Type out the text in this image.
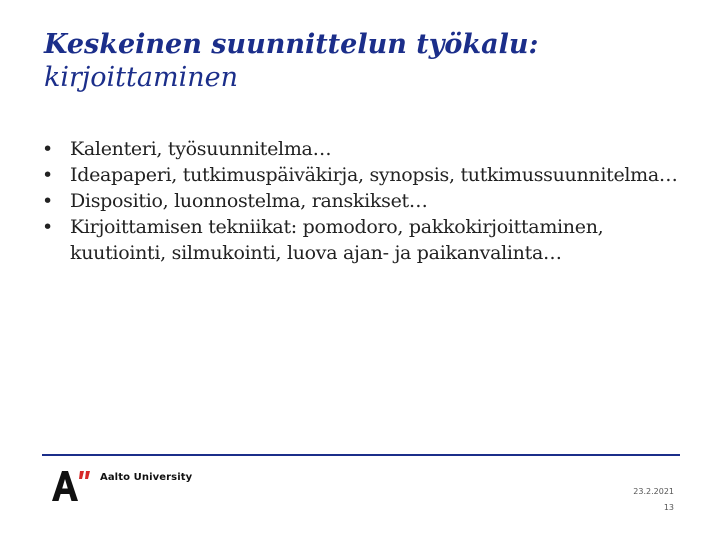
Keskeinen suunnittelun työkalu:
kirjoittaminen
• Kalenteri, työsuunnitelma…
• Ideapaperi, tutkimuspäiväkirja, synopsis, tutkimussuunnitelma…
• Dispositio, luonnostelma, ranskikset…
• Kirjoittamisen tekniikat: pomodoro, pakkokirjoittaminen, kuutiointi, silmukointi, luova ajan- ja paikanvalinta…
Aalto University
23.2.2021
13
